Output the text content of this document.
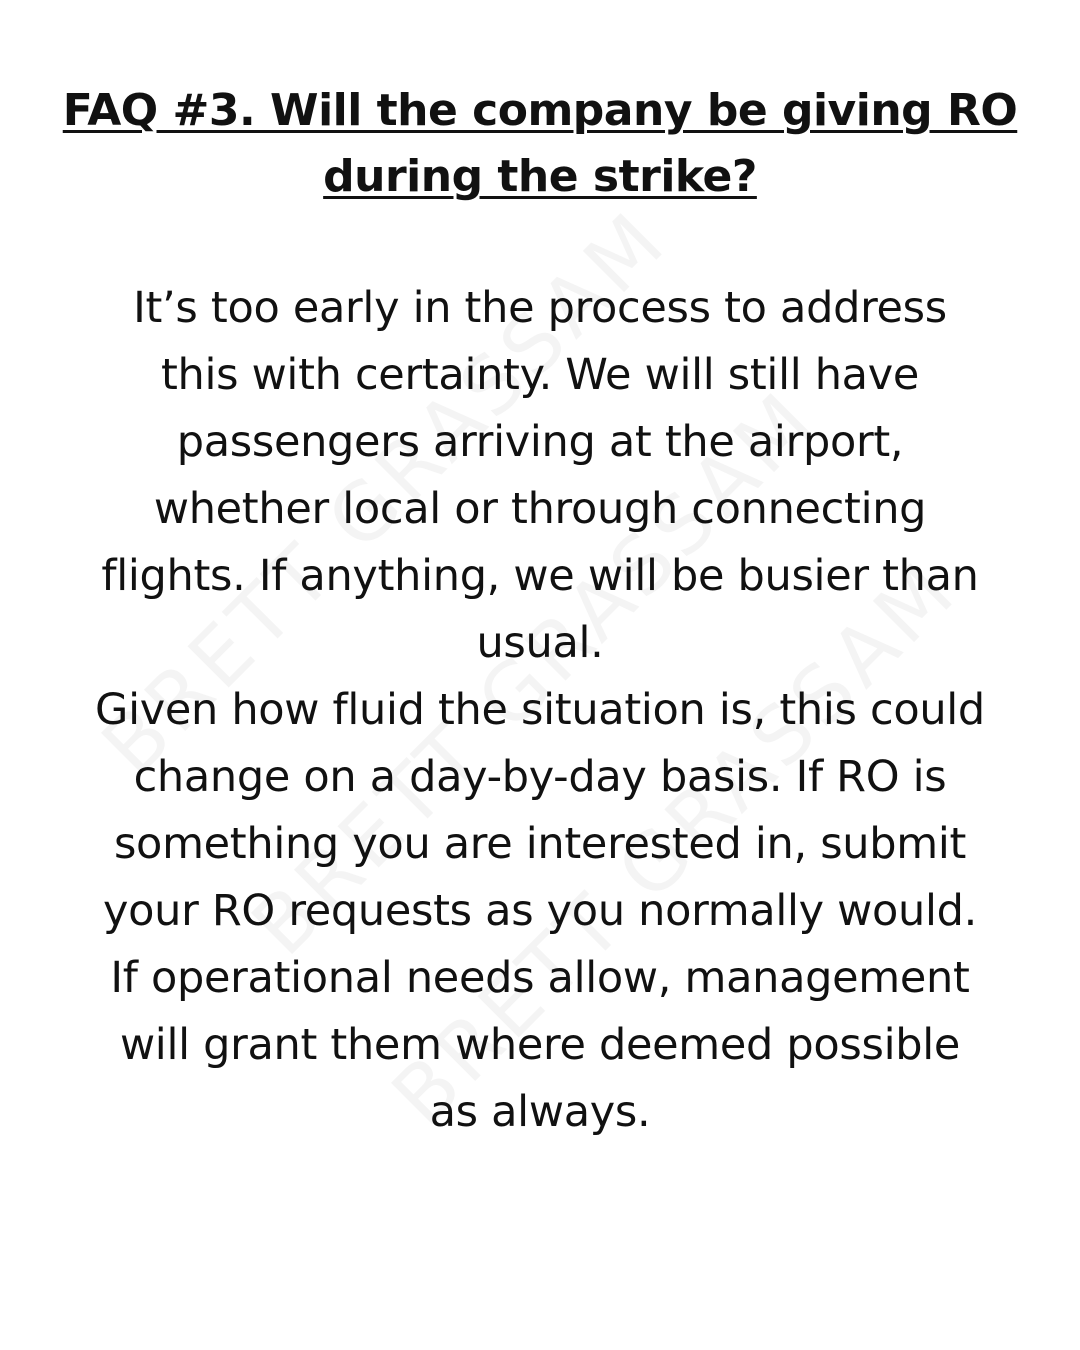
FAQ #3. Will the company be giving RO
during the strike?

It’s too early in the process to address
this with certainty. We will still have
passengers arriving at the airport,
whether local or through connecting
flights. If anything, we will be busier than
usual.
Given how fluid the situation is, this could
change on a day-by-day basis. If RO is
something you are interested in, submit
your RO requests as you normally would.
If operational needs allow, management
will grant them where deemed possible
as always.
